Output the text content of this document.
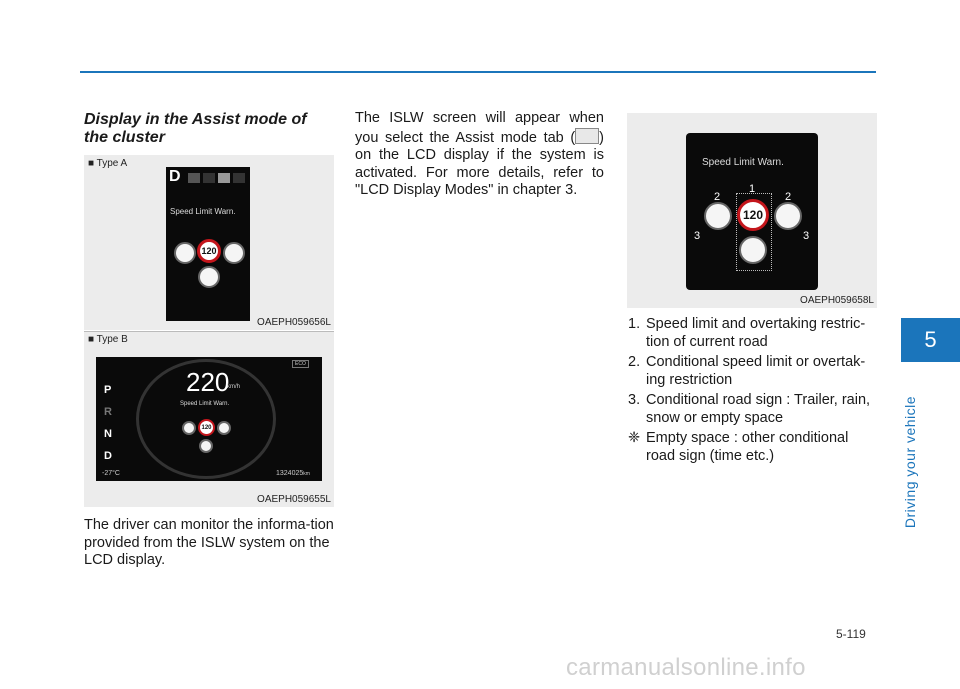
5
Driving your vehicle
Display in the Assist mode of the cluster
■ Type A
D
Speed Limit Warn.
120
OAEPH059656L
■ Type B
P
R
N
D
220
km/h
Speed Limit Warn.
120
ECO
-27°C	1324025km
OAEPH059655L
The driver can monitor the informa-tion provided from the ISLW system on the LCD display.
The ISLW screen will appear when you select the Assist mode tab ( ) on the LCD display if the system is activated. For more details, refer to "LCD Display Modes" in chapter 3.
Speed Limit Warn.
120
1
2	2
3	3
OAEPH059658L
1. Speed limit and overtaking restric-tion of current road
2. Conditional speed limit or overtak-ing restriction
3. Conditional road sign : Trailer, rain, snow or empty space
❈ Empty space : other conditional road sign (time etc.)
5-119
carmanualsonline.info
